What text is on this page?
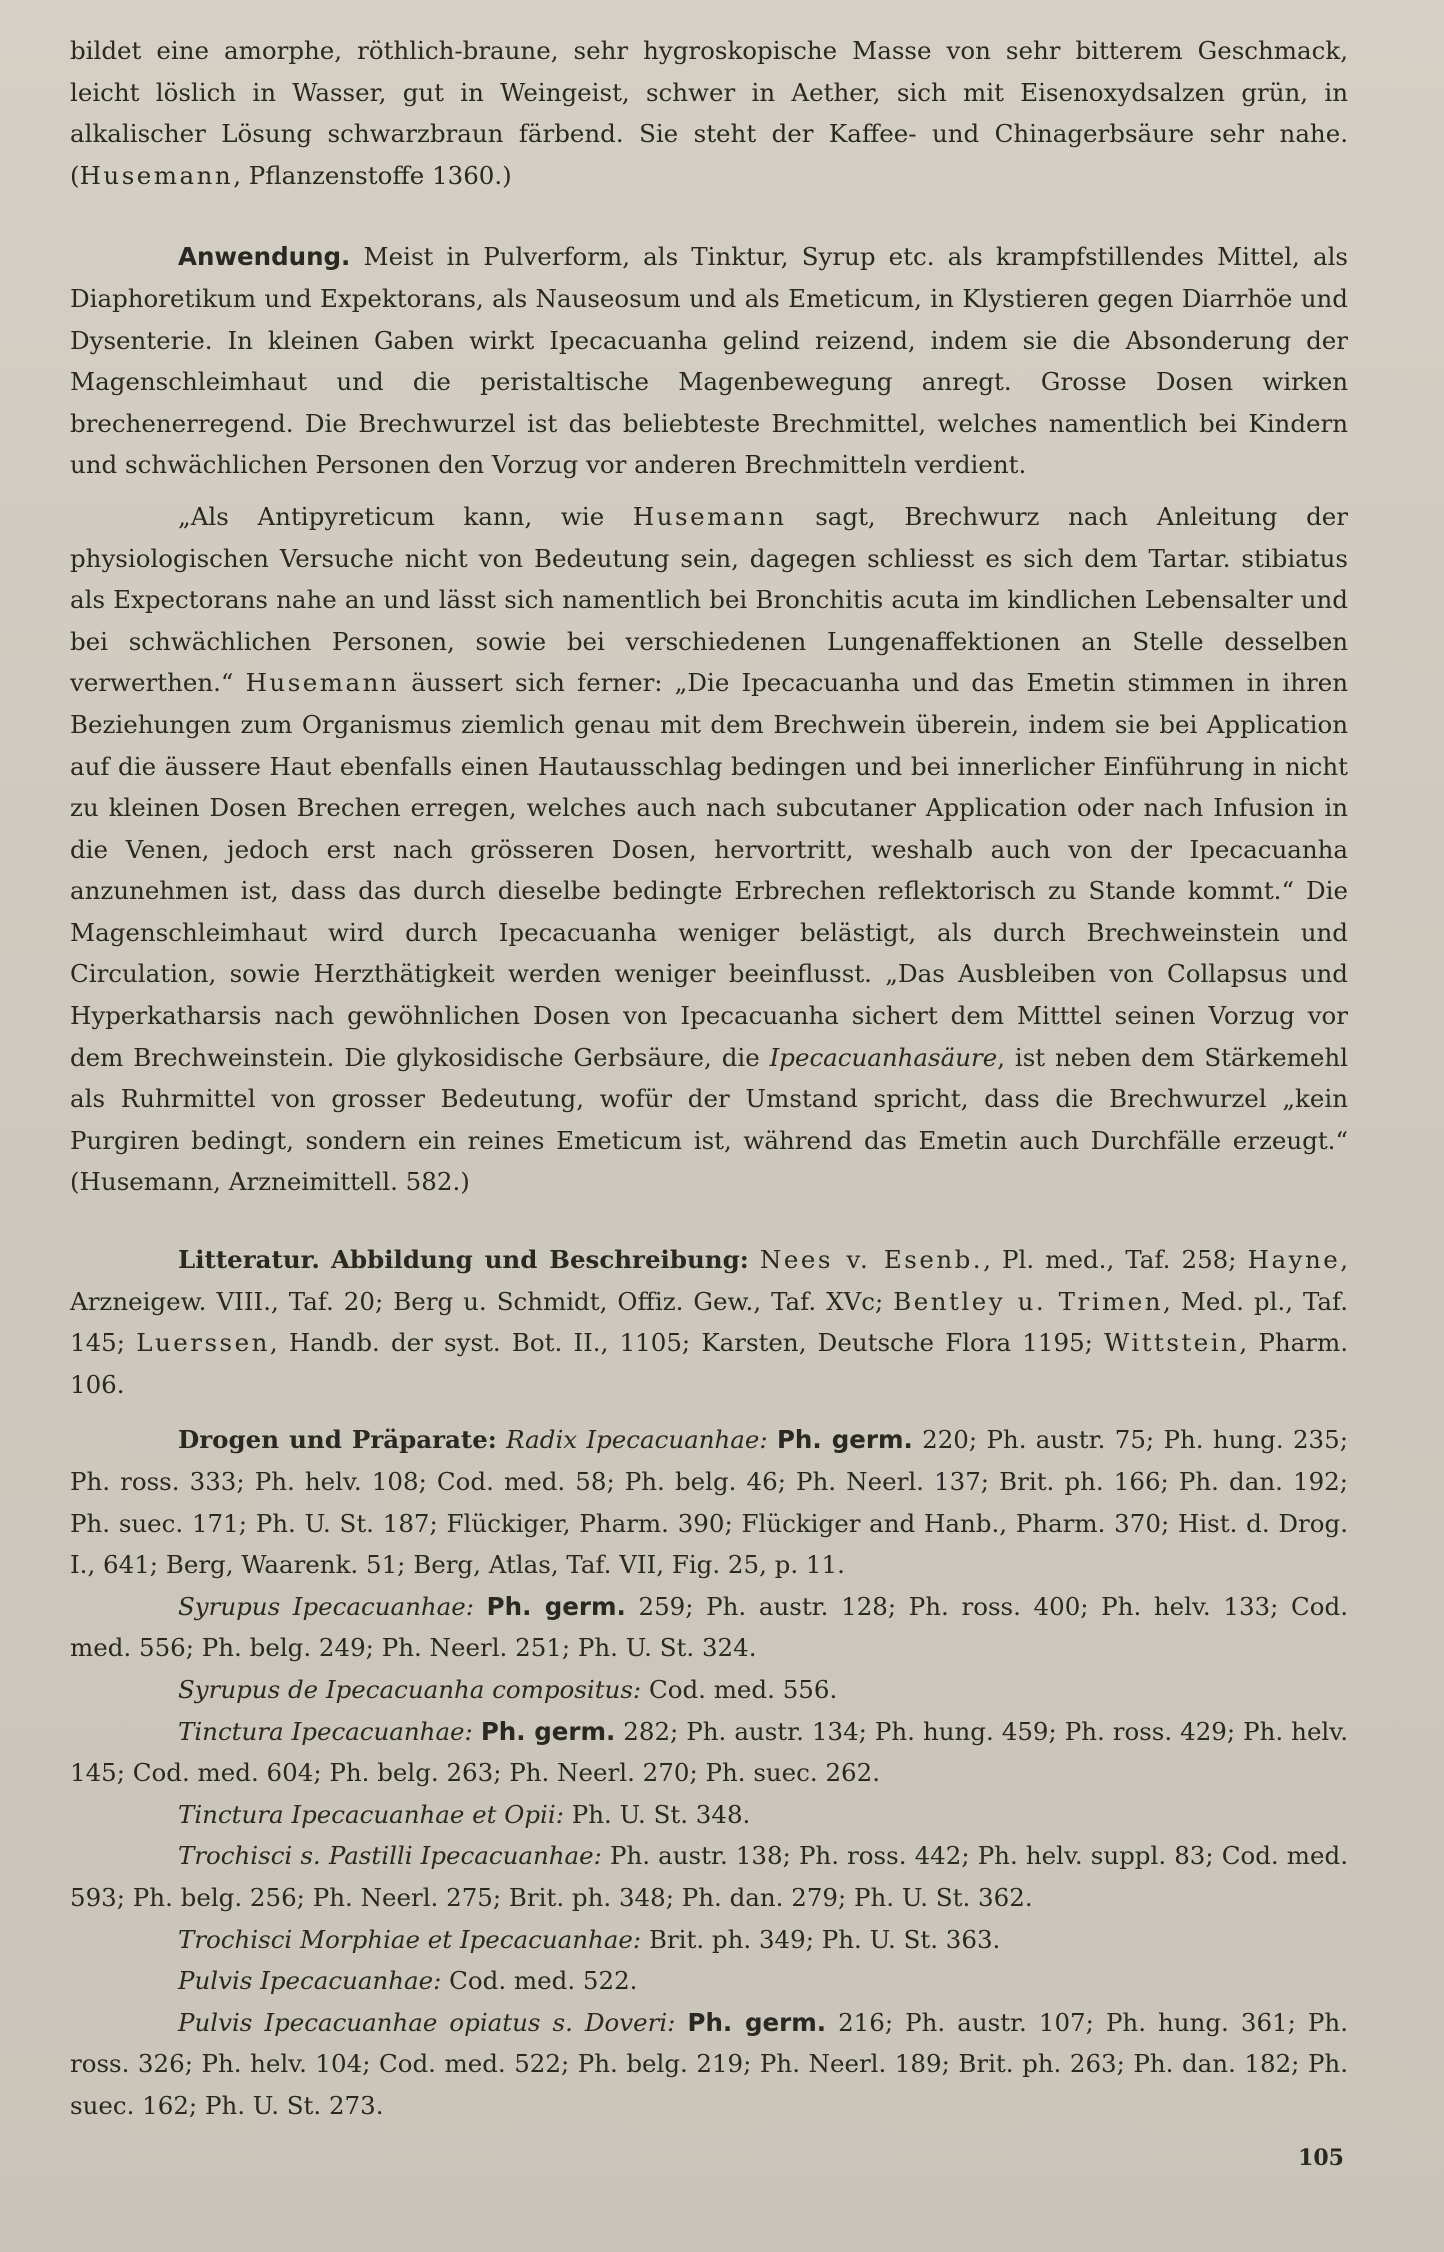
bildet eine amorphe, röthlich-braune, sehr hygroskopische Masse von sehr bitterem Geschmack, leicht löslich in Wasser, gut in Weingeist, schwer in Aether, sich mit Eisenoxydsalzen grün, in alkalischer Lösung schwarzbraun färbend. Sie steht der Kaffee- und Chinagerbsäure sehr nahe. (Husemann, Pflanzenstoffe 1360.)

Anwendung. Meist in Pulverform, als Tinktur, Syrup etc. als krampfstillendes Mittel, als Diaphoretikum und Expektorans, als Nauseosum und als Emeticum, in Klystieren gegen Diarrhöe und Dysenterie. In kleinen Gaben wirkt Ipecacuanha gelind reizend, indem sie die Absonderung der Magenschleimhaut und die peristaltische Magenbewegung anregt. Grosse Dosen wirken brechenerregend. Die Brechwurzel ist das beliebteste Brechmittel, welches namentlich bei Kindern und schwächlichen Personen den Vorzug vor anderen Brechmitteln verdient.

„Als Antipyreticum kann, wie Husemann sagt, Brechwurz nach Anleitung der physiologischen Versuche nicht von Bedeutung sein, dagegen schliesst es sich dem Tartar. stibiatus als Expectorans nahe an und lässt sich namentlich bei Bronchitis acuta im kindlichen Lebensalter und bei schwächlichen Personen, sowie bei verschiedenen Lungenaffektionen an Stelle desselben verwerthen.“ Husemann äussert sich ferner: „Die Ipecacuanha und das Emetin stimmen in ihren Beziehungen zum Organismus ziemlich genau mit dem Brechwein überein, indem sie bei Application auf die äussere Haut ebenfalls einen Hautausschlag bedingen und bei innerlicher Einführung in nicht zu kleinen Dosen Brechen erregen, welches auch nach subcutaner Application oder nach Infusion in die Venen, jedoch erst nach grösseren Dosen, hervortritt, weshalb auch von der Ipecacuanha anzunehmen ist, dass das durch dieselbe bedingte Erbrechen reflektorisch zu Stande kommt.“ Die Magenschleimhaut wird durch Ipecacuanha weniger belästigt, als durch Brechweinstein und Circulation, sowie Herzthätigkeit werden weniger beeinflusst. „Das Ausbleiben von Collapsus und Hyperkatharsis nach gewöhnlichen Dosen von Ipecacuanha sichert dem Mitttel seinen Vorzug vor dem Brechweinstein. Die glykosidische Gerbsäure, die Ipecacuanhasäure, ist neben dem Stärkemehl als Ruhrmittel von grosser Bedeutung, wofür der Umstand spricht, dass die Brechwurzel „kein Purgiren bedingt, sondern ein reines Emeticum ist, während das Emetin auch Durchfälle erzeugt.“ (Husemann, Arzneimittell. 582.)

Litteratur. Abbildung und Beschreibung: Nees v. Esenb., Pl. med., Taf. 258; Hayne, Arzneigew. VIII., Taf. 20; Berg u. Schmidt, Offiz. Gew., Taf. XVc; Bentley u. Trimen, Med. pl., Taf. 145; Luerssen, Handb. der syst. Bot. II., 1105; Karsten, Deutsche Flora 1195; Wittstein, Pharm. 106.

Drogen und Präparate: Radix Ipecacuanhae: Ph. germ. 220; Ph. austr. 75; Ph. hung. 235; Ph. ross. 333; Ph. helv. 108; Cod. med. 58; Ph. belg. 46; Ph. Neerl. 137; Brit. ph. 166; Ph. dan. 192; Ph. suec. 171; Ph. U. St. 187; Flückiger, Pharm. 390; Flückiger and Hanb., Pharm. 370; Hist. d. Drog. I., 641; Berg, Waarenk. 51; Berg, Atlas, Taf. VII, Fig. 25, p. 11.

Syrupus Ipecacuanhae: Ph. germ. 259; Ph. austr. 128; Ph. ross. 400; Ph. helv. 133; Cod. med. 556; Ph. belg. 249; Ph. Neerl. 251; Ph. U. St. 324.

Syrupus de Ipecacuanha compositus: Cod. med. 556.

Tinctura Ipecacuanhae: Ph. germ. 282; Ph. austr. 134; Ph. hung. 459; Ph. ross. 429; Ph. helv. 145; Cod. med. 604; Ph. belg. 263; Ph. Neerl. 270; Ph. suec. 262.

Tinctura Ipecacuanhae et Opii: Ph. U. St. 348.

Trochisci s. Pastilli Ipecacuanhae: Ph. austr. 138; Ph. ross. 442; Ph. helv. suppl. 83; Cod. med. 593; Ph. belg. 256; Ph. Neerl. 275; Brit. ph. 348; Ph. dan. 279; Ph. U. St. 362.

Trochisci Morphiae et Ipecacuanhae: Brit. ph. 349; Ph. U. St. 363.

Pulvis Ipecacuanhae: Cod. med. 522.

Pulvis Ipecacuanhae opiatus s. Doveri: Ph. germ. 216; Ph. austr. 107; Ph. hung. 361; Ph. ross. 326; Ph. helv. 104; Cod. med. 522; Ph. belg. 219; Ph. Neerl. 189; Brit. ph. 263; Ph. dan. 182; Ph. suec. 162; Ph. U. St. 273.

105
